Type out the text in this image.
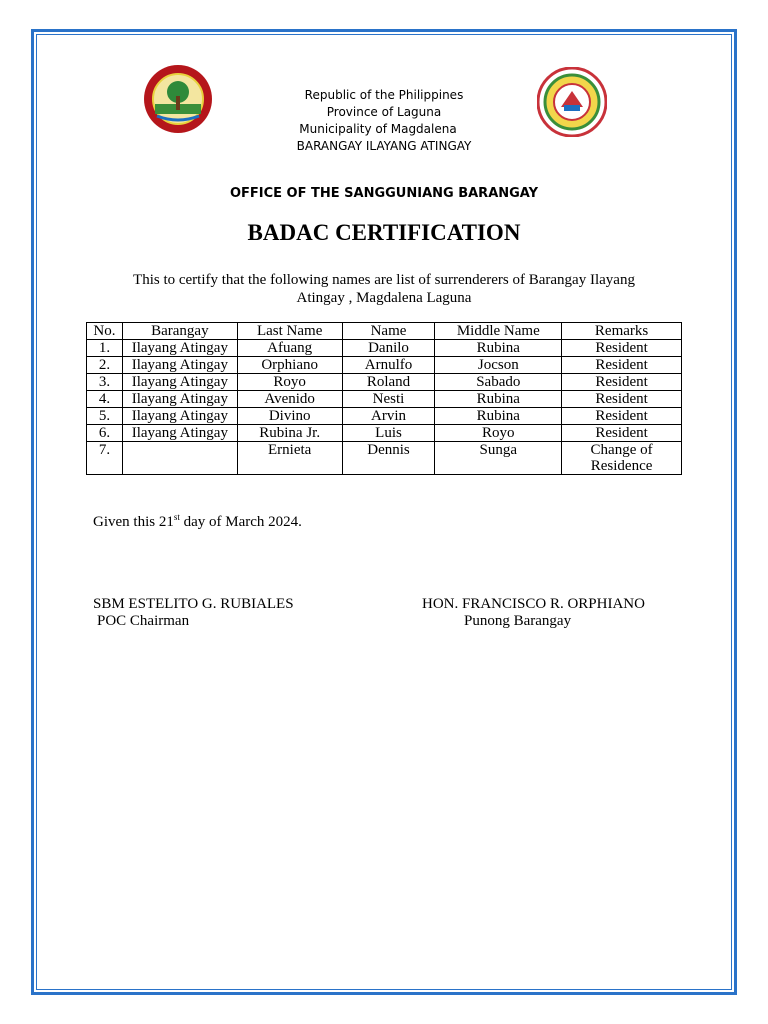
Republic of the Philippines
Province of Laguna
Municipality of Magdalena
BARANGAY ILAYANG ATINGAY
OFFICE OF THE SANGGUNIANG BARANGAY
BADAC CERTIFICATION
This to certify that the following names are list of surrenderers of Barangay Ilayang
Atingay , Magdalena Laguna
No.	Barangay	Last Name	Name	Middle Name	Remarks
1.	Ilayang Atingay	Afuang	Danilo	Rubina	Resident
2.	Ilayang Atingay	Orphiano	Arnulfo	Jocson	Resident
3.	Ilayang Atingay	Royo	Roland	Sabado	Resident
4.	Ilayang Atingay	Avenido	Nesti	Rubina	Resident
5.	Ilayang Atingay	Divino	Arvin	Rubina	Resident
6.	Ilayang Atingay	Rubina Jr.	Luis	Royo	Resident
7.		Ernieta	Dennis	Sunga	Change of Residence
Given this 21st day of March 2024.
SBM ESTELITO G. RUBIALES
POC Chairman
HON. FRANCISCO R. ORPHIANO
Punong Barangay
